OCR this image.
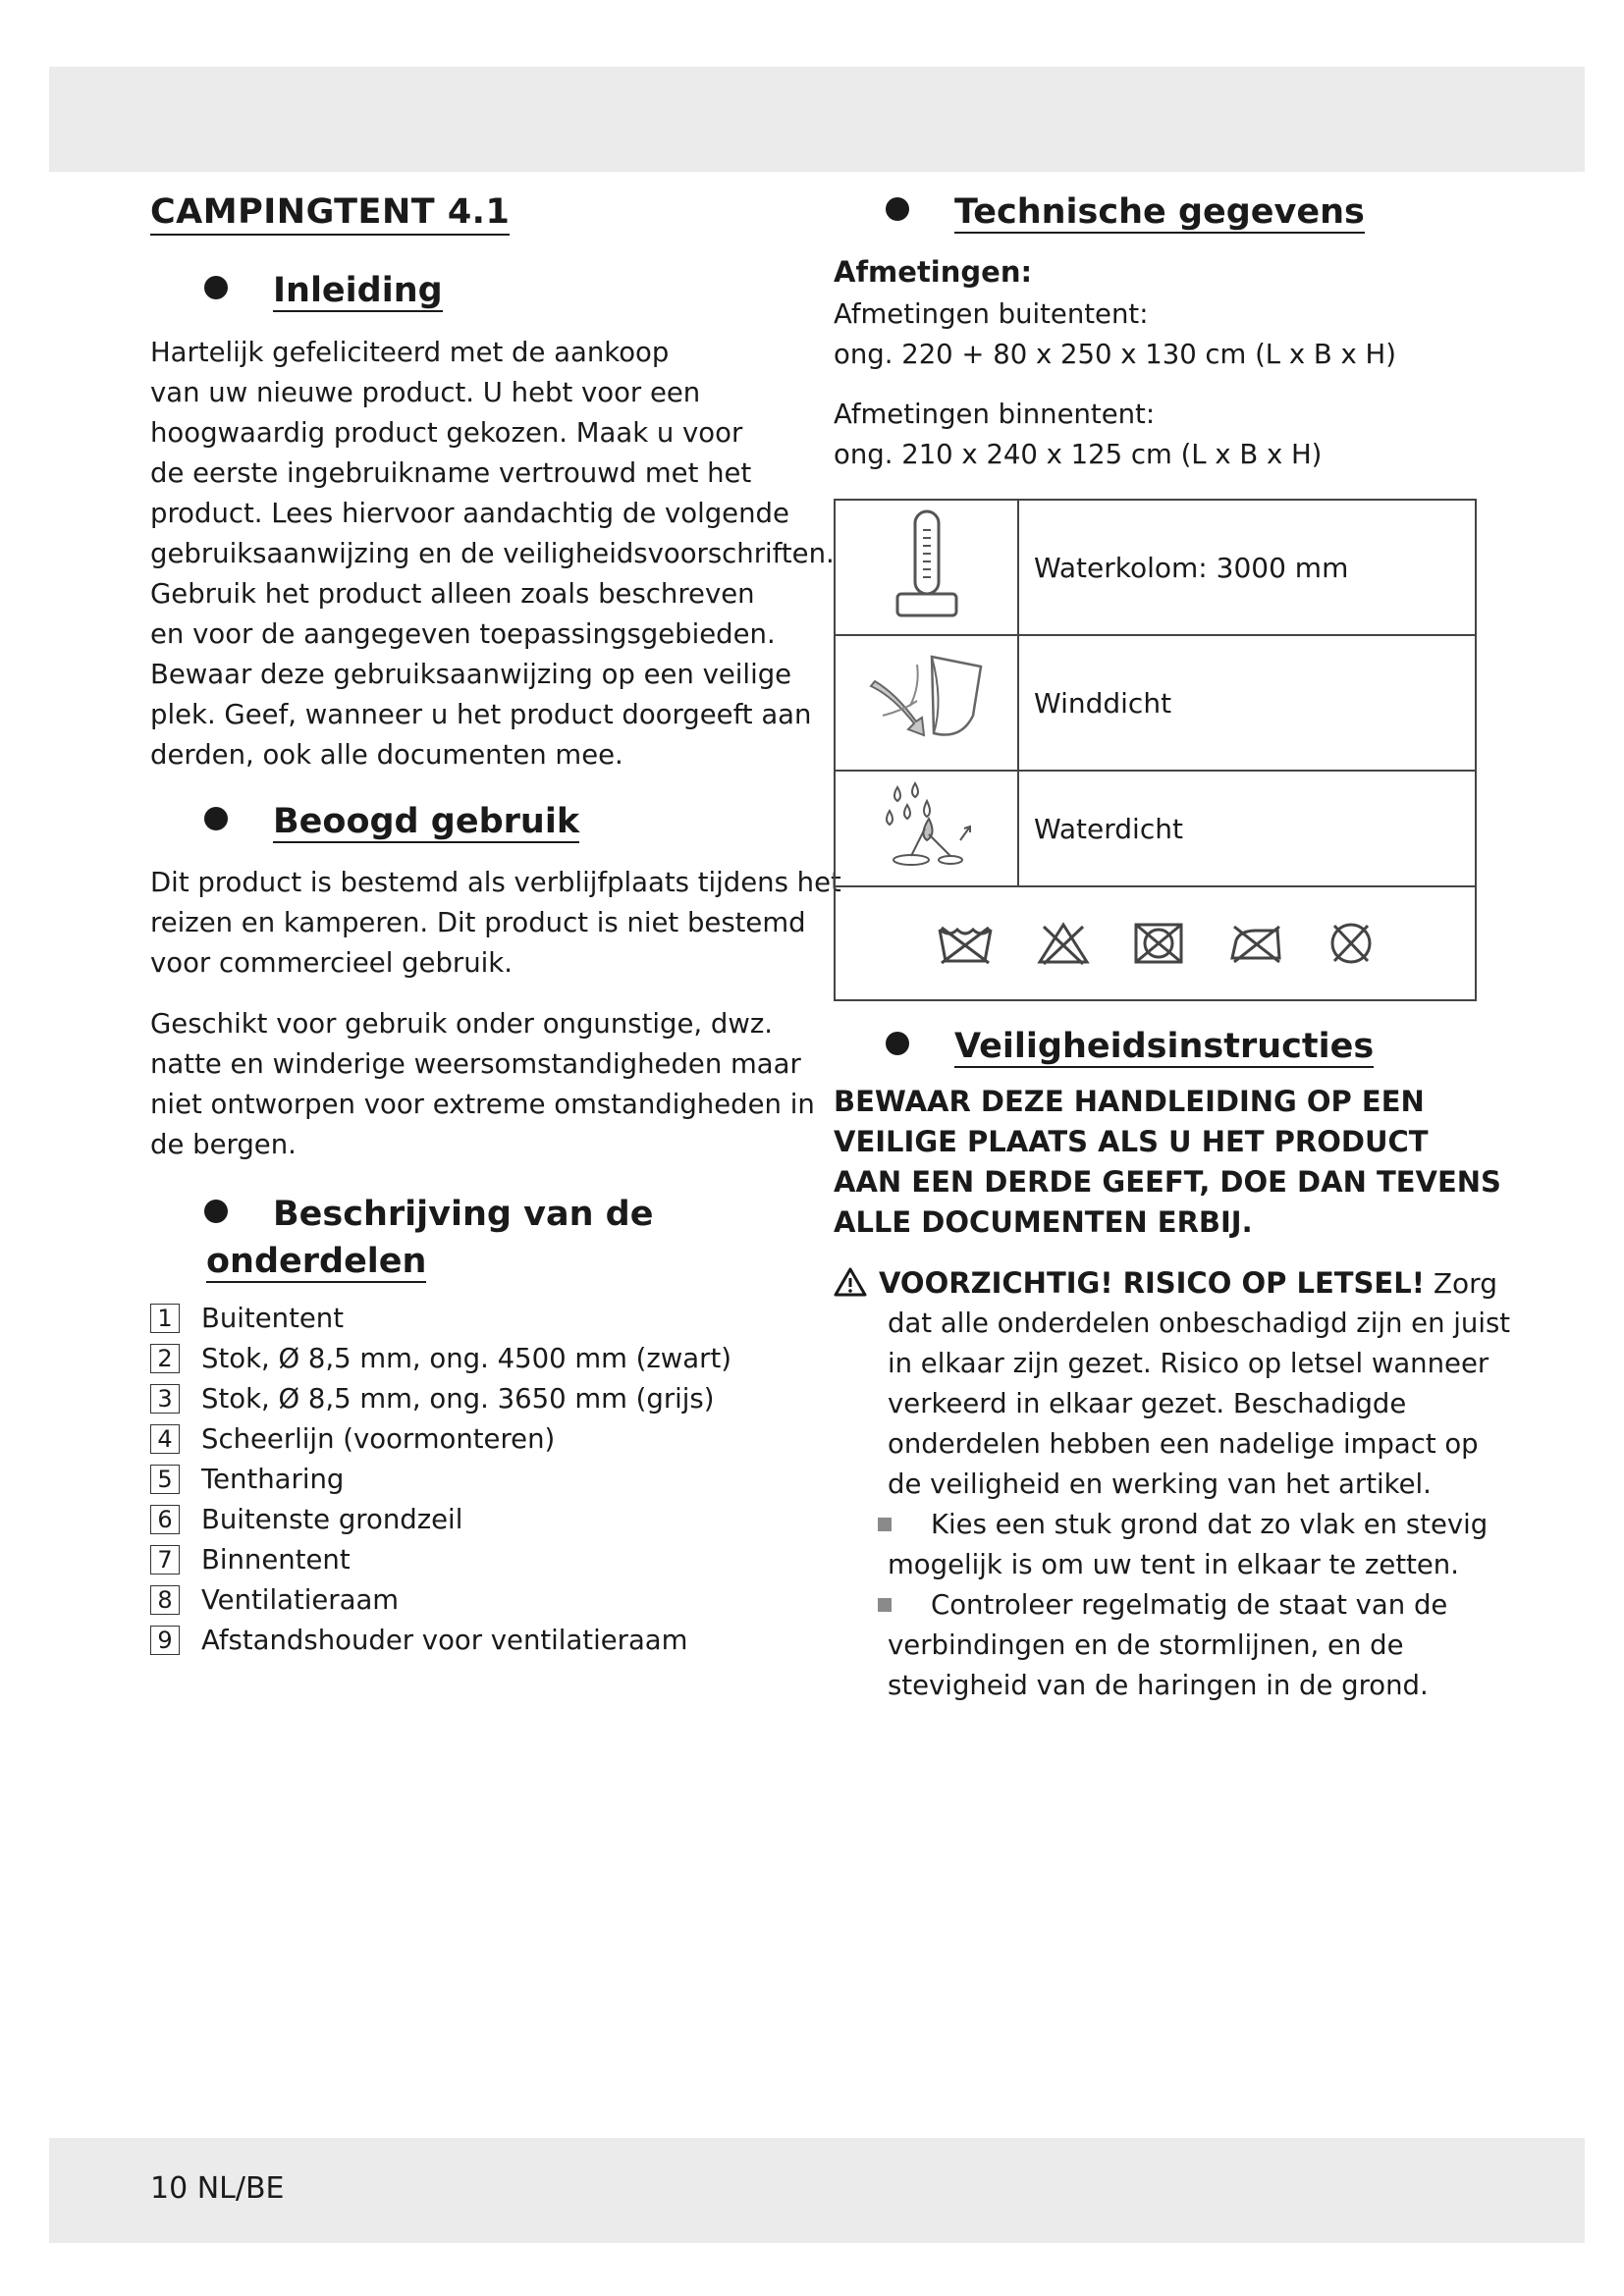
CAMPINGTENT 4.1
Inleiding
Hartelijk gefeliciteerd met de aankoop
van uw nieuwe product. U hebt voor een
hoogwaardig product gekozen. Maak u voor
de eerste ingebruikname vertrouwd met het
product. Lees hiervoor aandachtig de volgende
gebruiksaanwijzing en de veiligheidsvoorschriften.
Gebruik het product alleen zoals beschreven
en voor de aangegeven toepassingsgebieden.
Bewaar deze gebruiksaanwijzing op een veilige
plek. Geef, wanneer u het product doorgeeft aan
derden, ook alle documenten mee.
Beoogd gebruik
Dit product is bestemd als verblijfplaats tijdens het
reizen en kamperen. Dit product is niet bestemd
voor commercieel gebruik.
Geschikt voor gebruik onder ongunstige, dwz.
natte en winderige weersomstandigheden maar
niet ontworpen voor extreme omstandigheden in
de bergen.
Beschrijving van de
onderdelen
1 Buitentent
2 Stok, Ø 8,5 mm, ong. 4500 mm (zwart)
3 Stok, Ø 8,5 mm, ong. 3650 mm (grijs)
4 Scheerlijn (voormonteren)
5 Tentharing
6 Buitenste grondzeil
7 Binnentent
8 Ventilatieraam
9 Afstandshouder voor ventilatieraam
Technische gegevens
Afmetingen:
Afmetingen buitentent:
ong. 220 + 80 x 250 x 130 cm (L x B x H)
Afmetingen binnentent:
ong. 210 x 240 x 125 cm (L x B x H)
	Waterkolom: 3000 mm
	Winddicht
	Waterdicht

Veiligheidsinstructies
BEWAAR DEZE HANDLEIDING OP EEN
VEILIGE PLAATS ALS U HET PRODUCT
AAN EEN DERDE GEEFT, DOE DAN TEVENS
ALLE DOCUMENTEN ERBIJ.
VOORZICHTIG! RISICO OP LETSEL! Zorg
dat alle onderdelen onbeschadigd zijn en juist
in elkaar zijn gezet. Risico op letsel wanneer
verkeerd in elkaar gezet. Beschadigde
onderdelen hebben een nadelige impact op
de veiligheid en werking van het artikel.
Kies een stuk grond dat zo vlak en stevig
mogelijk is om uw tent in elkaar te zetten.
Controleer regelmatig de staat van de
verbindingen en de stormlijnen, en de
stevigheid van de haringen in de grond.
10 NL/BE
